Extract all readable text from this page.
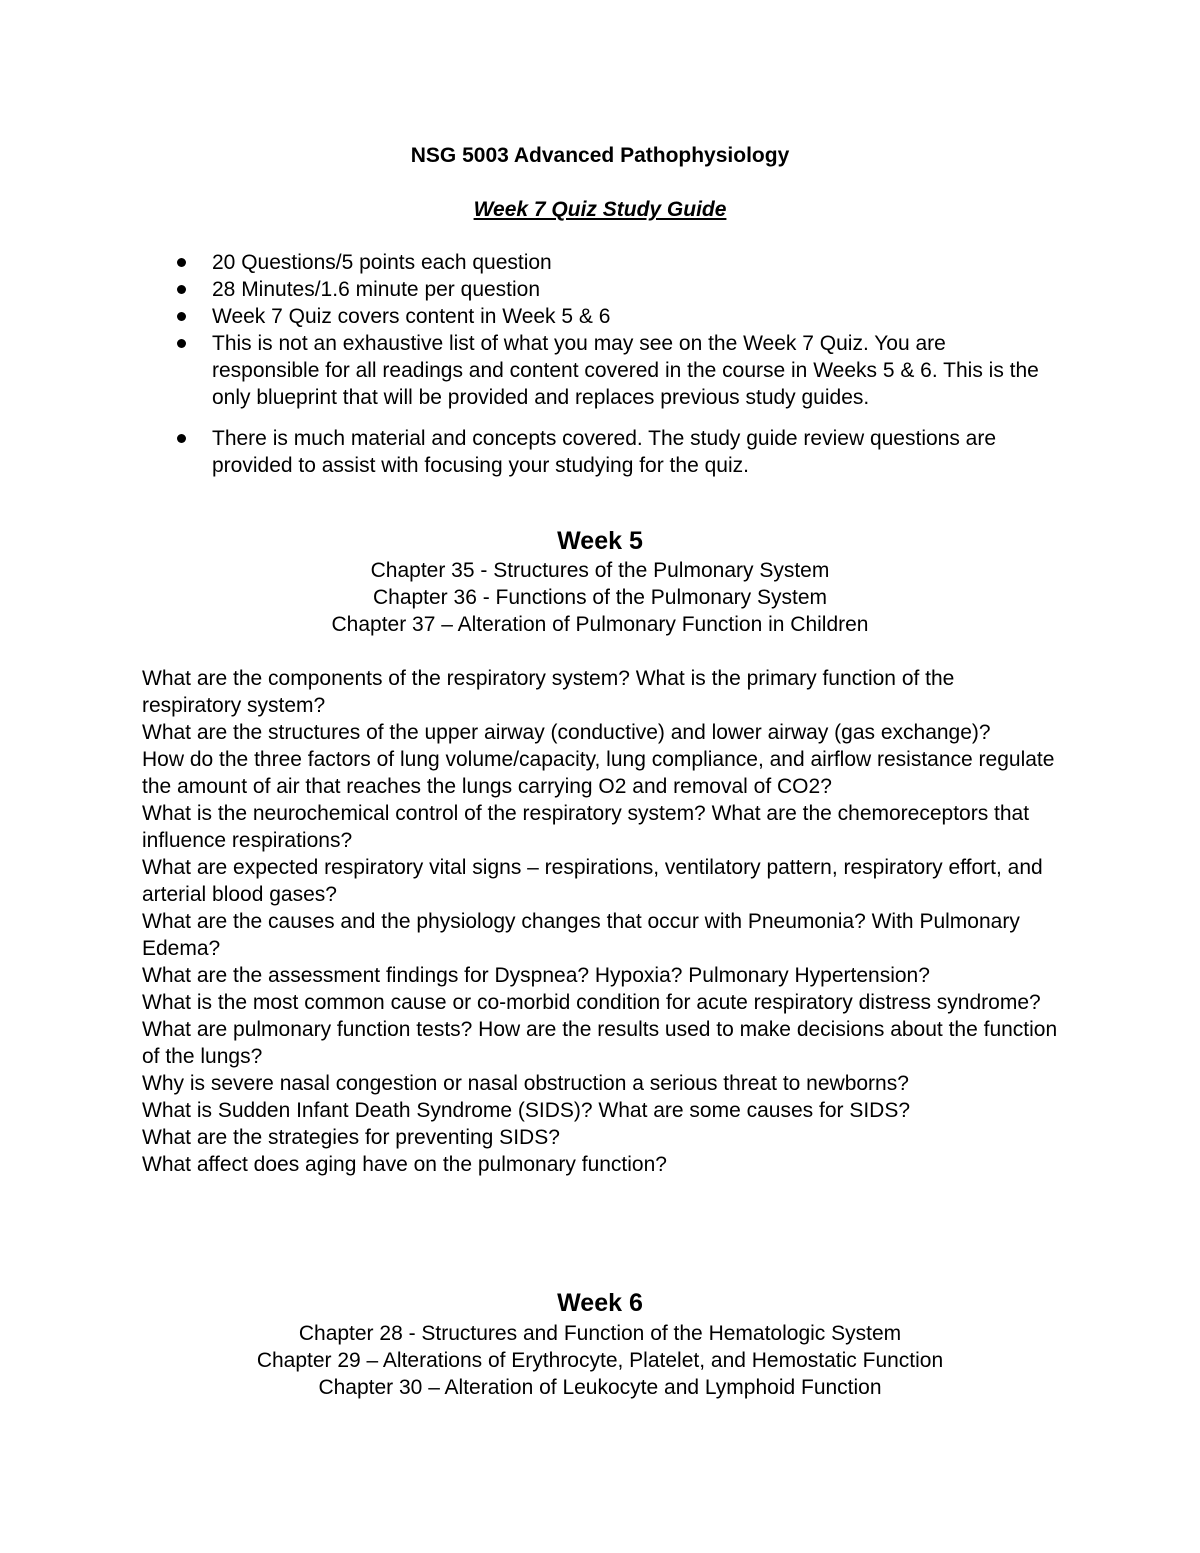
NSG 5003 Advanced Pathophysiology
Week 7 Quiz Study Guide
20 Questions/5 points each question
28 Minutes/1.6 minute per question
Week 7 Quiz covers content in Week 5 & 6
This is not an exhaustive list of what you may see on the Week 7 Quiz. You are responsible for all readings and content covered in the course in Weeks 5 & 6. This is the only blueprint that will be provided and replaces previous study guides.
There is much material and concepts covered. The study guide review questions are provided to assist with focusing your studying for the quiz.
Week 5
Chapter 35 - Structures of the Pulmonary System
Chapter 36 - Functions of the Pulmonary System
Chapter 37 – Alteration of Pulmonary Function in Children

What are the components of the respiratory system? What is the primary function of the respiratory system?

What are the structures of the upper airway (conductive) and lower airway (gas exchange)?

How do the three factors of lung volume/capacity, lung compliance, and airflow resistance regulate the amount of air that reaches the lungs carrying O2 and removal of CO2?

What is the neurochemical control of the respiratory system? What are the chemoreceptors that influence respirations?

What are expected respiratory vital signs – respirations, ventilatory pattern, respiratory effort, and arterial blood gases?

What are the causes and the physiology changes that occur with Pneumonia? With Pulmonary Edema?

What are the assessment findings for Dyspnea? Hypoxia? Pulmonary Hypertension?

What is the most common cause or co-morbid condition for acute respiratory distress syndrome?

What are pulmonary function tests? How are the results used to make decisions about the function of the lungs?

Why is severe nasal congestion or nasal obstruction a serious threat to newborns?

What is Sudden Infant Death Syndrome (SIDS)? What are some causes for SIDS?

What are the strategies for preventing SIDS?

What affect does aging have on the pulmonary function?

Week 6
Chapter 28 - Structures and Function of the Hematologic System
Chapter 29 – Alterations of Erythrocyte, Platelet, and Hemostatic Function
Chapter 30 – Alteration of Leukocyte and Lymphoid Function
